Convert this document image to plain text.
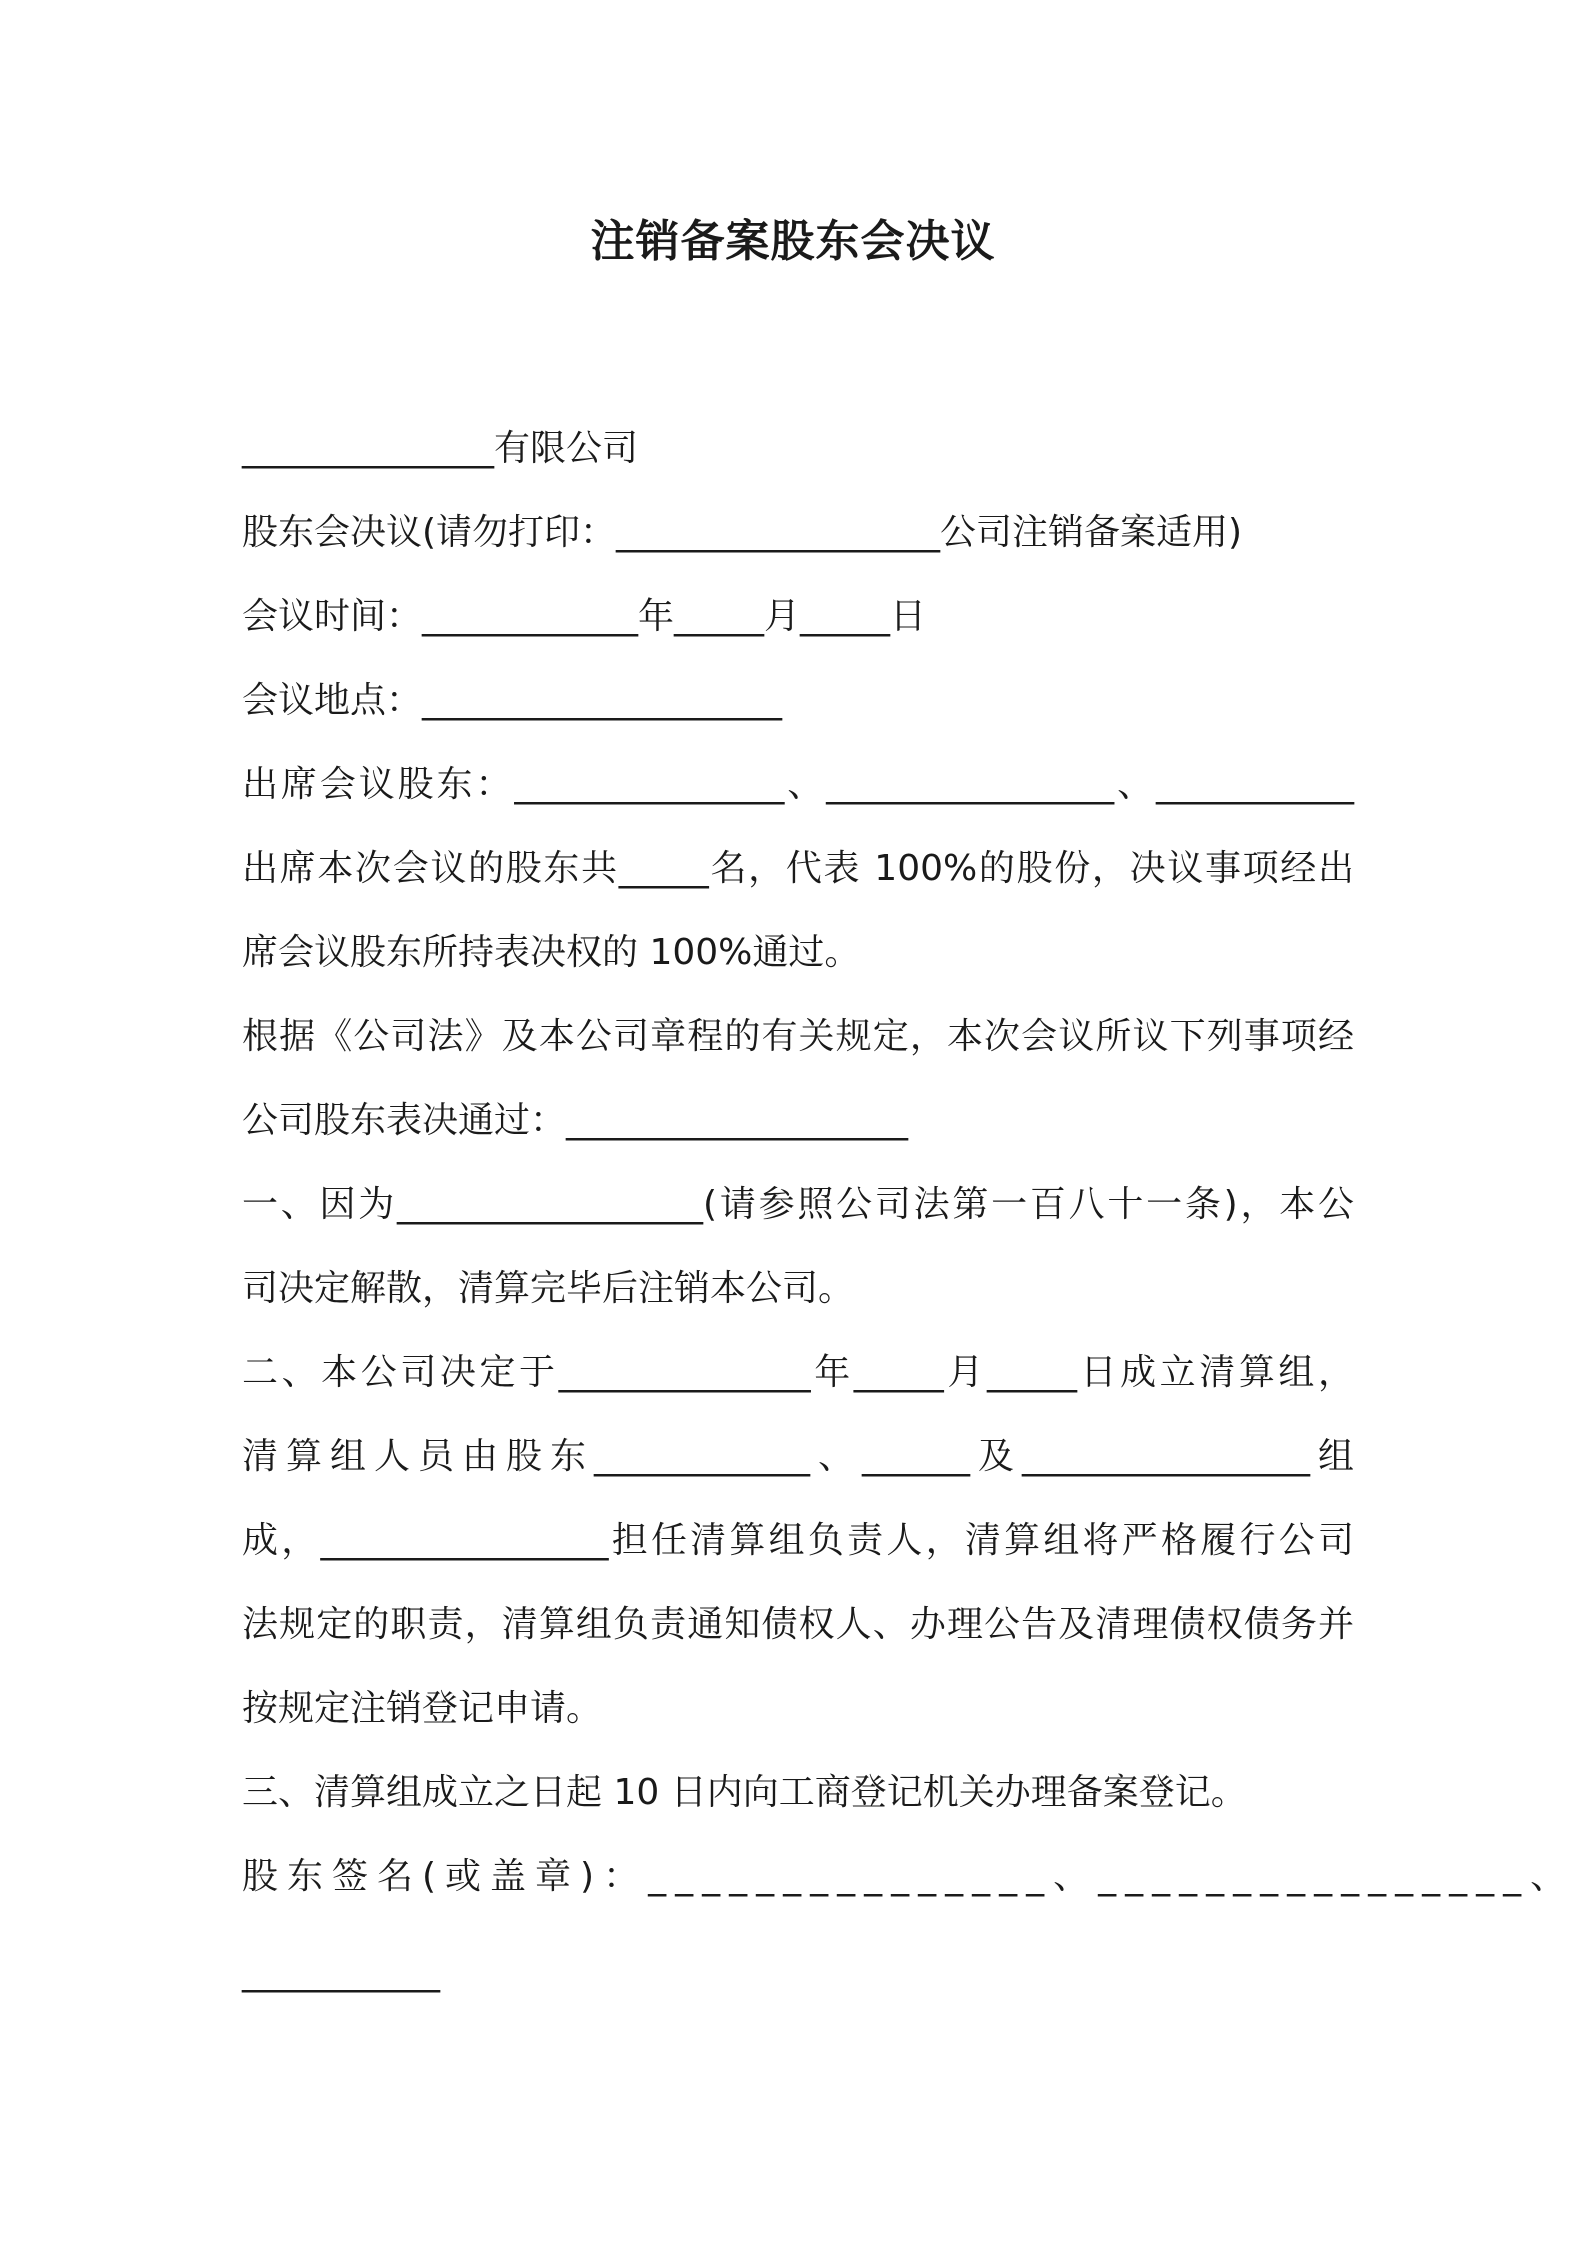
注销备案股东会决议
______________有限公司
股东会决议(请勿打印：__________________公司注销备案适用)
会议时间：____________年_____月_____日
会议地点：____________________
出席会议股东：_______________、________________、___________
出席本次会议的股东共_____名，代表 100%的股份，决议事项经出
席会议股东所持表决权的 100%通过。
根据《公司法》及本公司章程的有关规定，本次会议所议下列事项经
公司股东表决通过：___________________
一、因为_________________(请参照公司法第一百八十一条)，本公
司决定解散，清算完毕后注销本公司。
二、本公司决定于______________年_____月_____日成立清算组，
清算组人员由股东____________、______及________________组
成，________________担任清算组负责人，清算组将严格履行公司
法规定的职责，清算组负责通知债权人、办理公告及清理债权债务并
按规定注销登记申请。
三、清算组成立之日起 10 日内向工商登记机关办理备案登记。
股东签名(或盖章)：_______________、________________、
___________
